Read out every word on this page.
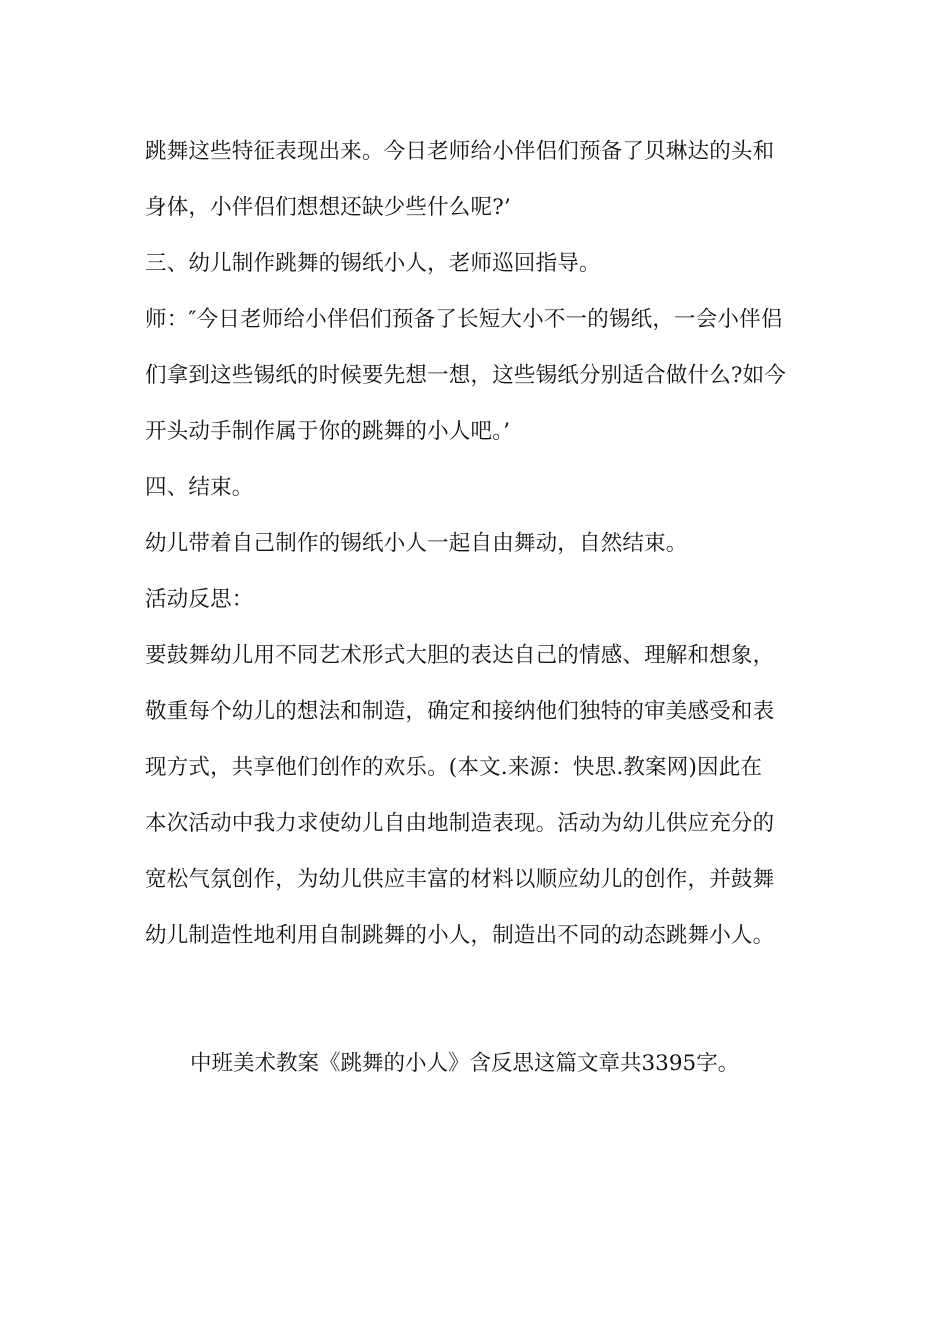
跳舞这些特征表现出来。今日老师给小伴侣们预备了贝琳达的头和
身体，小伴侣们想想还缺少些什么呢?’
三、幼儿制作跳舞的锡纸小人，老师巡回指导。
师：″今日老师给小伴侣们预备了长短大小不一的锡纸，一会小伴侣
们拿到这些锡纸的时候要先想一想，这些锡纸分别适合做什么?如今
开头动手制作属于你的跳舞的小人吧。’
四、结束。
幼儿带着自己制作的锡纸小人一起自由舞动，自然结束。
活动反思：
要鼓舞幼儿用不同艺术形式大胆的表达自己的情感、理解和想象，
敬重每个幼儿的想法和制造，确定和接纳他们独特的审美感受和表
现方式，共享他们创作的欢乐。(本文.来源：快思.教案网)因此在
本次活动中我力求使幼儿自由地制造表现。活动为幼儿供应充分的
宽松气氛创作，为幼儿供应丰富的材料以顺应幼儿的创作，并鼓舞
幼儿制造性地利用自制跳舞的小人，制造出不同的动态跳舞小人。
中班美术教案《跳舞的小人》含反思这篇文章共3395字。
